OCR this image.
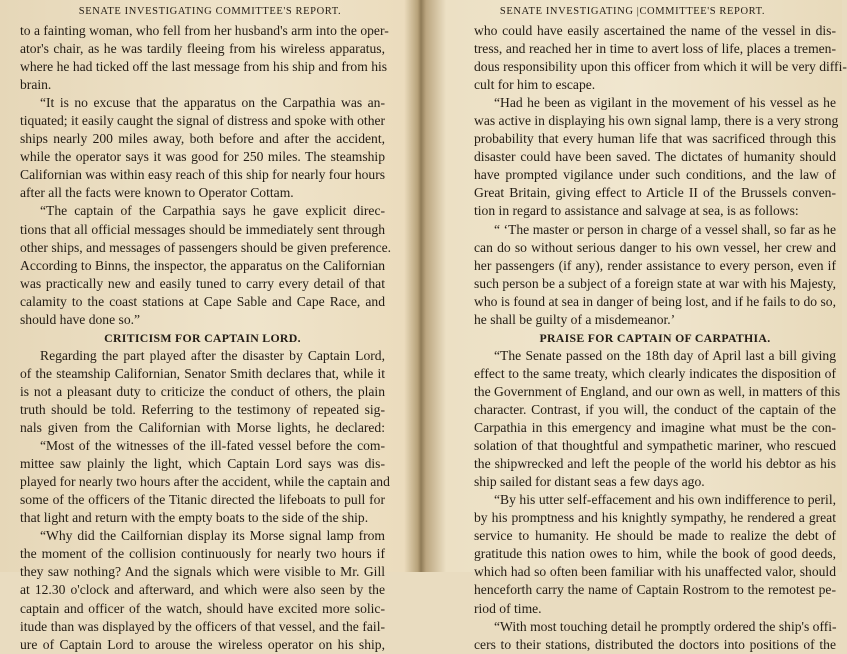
SENATE INVESTIGATING COMMITTEE'S REPORT.
to a fainting woman, who fell from her husband's arm into the oper-
ator's chair, as he was tardily fleeing from his wireless apparatus,
where he had ticked off the last message from his ship and from his
brain.
“It is no excuse that the apparatus on the Carpathia was an-
tiquated; it easily caught the signal of distress and spoke with other
ships nearly 200 miles away, both before and after the accident,
while the operator says it was good for 250 miles. The steamship
Californian was within easy reach of this ship for nearly four hours
after all the facts were known to Operator Cottam.
“The captain of the Carpathia says he gave explicit direc-
tions that all official messages should be immediately sent through
other ships, and messages of passengers should be given preference.
According to Binns, the inspector, the apparatus on the Californian
was practically new and easily tuned to carry every detail of that
calamity to the coast stations at Cape Sable and Cape Race, and
should have done so.”
CRITICISM FOR CAPTAIN LORD.
Regarding the part played after the disaster by Captain Lord,
of the steamship Californian, Senator Smith declares that, while it
is not a pleasant duty to criticize the conduct of others, the plain
truth should be told. Referring to the testimony of repeated sig-
nals given from the Californian with Morse lights, he declared:
“Most of the witnesses of the ill-fated vessel before the com-
mittee saw plainly the light, which Captain Lord says was dis-
played for nearly two hours after the accident, while the captain and
some of the officers of the Titanic directed the lifeboats to pull for
that light and return with the empty boats to the side of the ship.
“Why did the Cailfornian display its Morse signal lamp from
the moment of the collision continuously for nearly two hours if
they saw nothing? And the signals which were visible to Mr. Gill
at 12.30 o'clock and afterward, and which were also seen by the
captain and officer of the watch, should have excited more solic-
itude than was displayed by the officers of that vessel, and the fail-
ure of Captain Lord to arouse the wireless operator on his ship,
SENATE INVESTIGATING |COMMITTEE'S REPORT.
who could have easily ascertained the name of the vessel in dis-
tress, and reached her in time to avert loss of life, places a tremen-
dous responsibility upon this officer from which it will be very diffi-
cult for him to escape.
“Had he been as vigilant in the movement of his vessel as he
was active in displaying his own signal lamp, there is a very strong
probability that every human life that was sacrificed through this
disaster could have been saved. The dictates of humanity should
have prompted vigilance under such conditions, and the law of
Great Britain, giving effect to Article II of the Brussels conven-
tion in regard to assistance and salvage at sea, is as follows:
“ ‘The master or person in charge of a vessel shall, so far as he
can do so without serious danger to his own vessel, her crew and
her passengers (if any), render assistance to every person, even if
such person be a subject of a foreign state at war with his Majesty,
who is found at sea in danger of being lost, and if he fails to do so,
he shall be guilty of a misdemeanor.’
PRAISE FOR CAPTAIN OF CARPATHIA.
“The Senate passed on the 18th day of April last a bill giving
effect to the same treaty, which clearly indicates the disposition of
the Government of England, and our own as well, in matters of this
character. Contrast, if you will, the conduct of the captain of the
Carpathia in this emergency and imagine what must be the con-
solation of that thoughtful and sympathetic mariner, who rescued
the shipwrecked and left the people of the world his debtor as his
ship sailed for distant seas a few days ago.
“By his utter self-effacement and his own indifference to peril,
by his promptness and his knightly sympathy, he rendered a great
service to humanity. He should be made to realize the debt of
gratitude this nation owes to him, while the book of good deeds,
which had so often been familiar with his unaffected valor, should
henceforth carry the name of Captain Rostrom to the remotest pe-
riod of time.
“With most touching detail he promptly ordered the ship's offi-
cers to their stations, distributed the doctors into positions of the
